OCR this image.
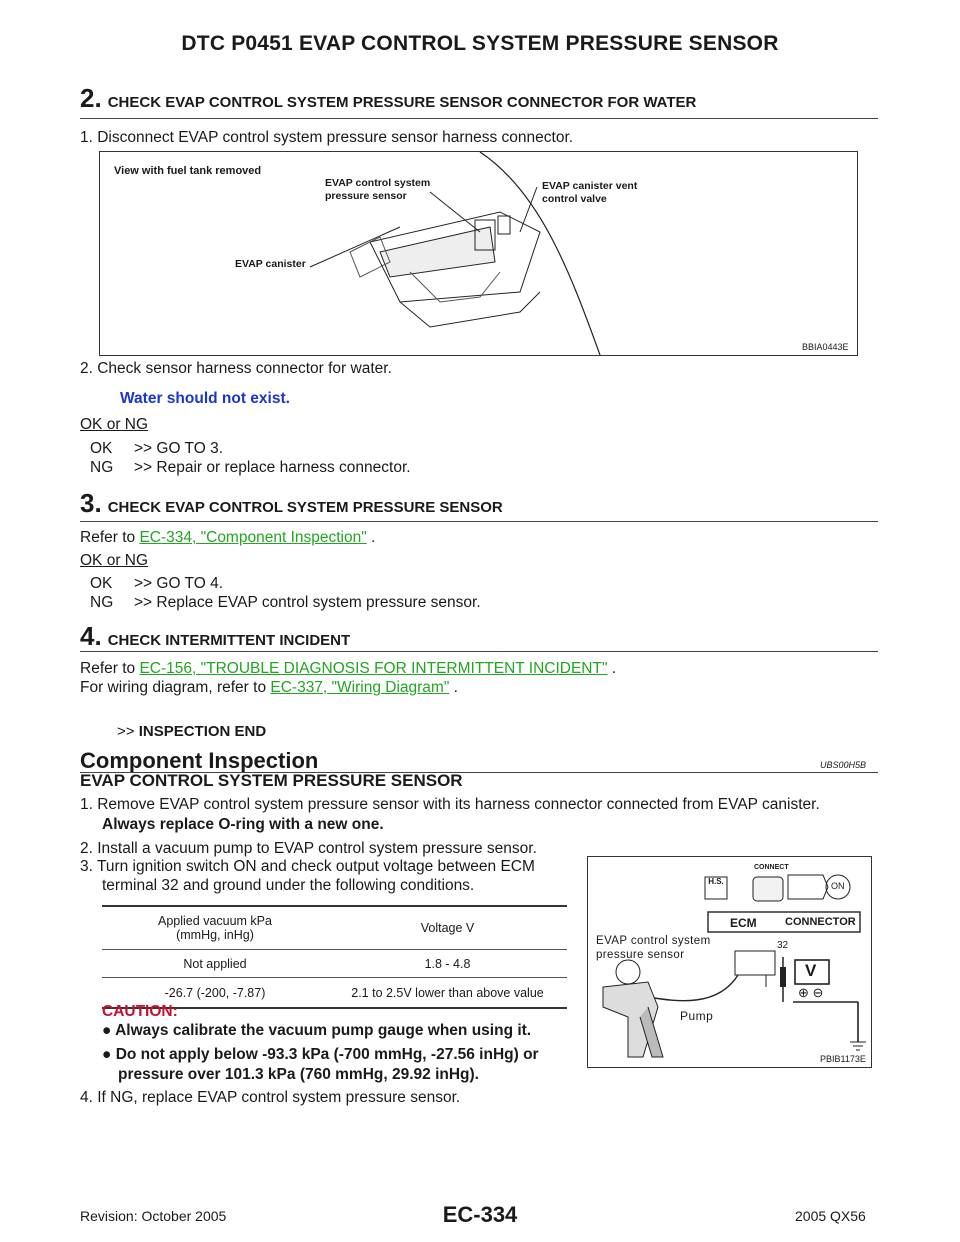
DTC P0451 EVAP CONTROL SYSTEM PRESSURE SENSOR
2. CHECK EVAP CONTROL SYSTEM PRESSURE SENSOR CONNECTOR FOR WATER
1. Disconnect EVAP control system pressure sensor harness connector.
View with fuel tank removed
EVAP control system
pressure sensor
EVAP canister vent
control valve
EVAP canister
BBIA0443E
2. Check sensor harness connector for water.
Water should not exist.
OK or NG
OK >> GO TO 3.
NG >> Repair or replace harness connector.
3. CHECK EVAP CONTROL SYSTEM PRESSURE SENSOR
Refer to EC-334, "Component Inspection" .
OK or NG
OK >> GO TO 4.
NG >> Replace EVAP control system pressure sensor.
4. CHECK INTERMITTENT INCIDENT
Refer to EC-156, "TROUBLE DIAGNOSIS FOR INTERMITTENT INCIDENT" .
For wiring diagram, refer to EC-337, "Wiring Diagram" .
>> INSPECTION END
Component Inspection	UBS00H5B
EVAP CONTROL SYSTEM PRESSURE SENSOR
1. Remove EVAP control system pressure sensor with its harness connector connected from EVAP canister.
Always replace O-ring with a new one.
2. Install a vacuum pump to EVAP control system pressure sensor.
3. Turn ignition switch ON and check output voltage between ECM
terminal 32 and ground under the following conditions.
Applied vacuum kPa
(mmHg, inHg)	Voltage V
Not applied	1.8 - 4.8
-26.7 (-200, -7.87)	2.1 to 2.5V lower than above value
CAUTION:
● Always calibrate the vacuum pump gauge when using it.
● Do not apply below -93.3 kPa (-700 mmHg, -27.56 inHg) or
pressure over 101.3 kPa (760 mmHg, 29.92 inHg).
4. If NG, replace EVAP control system pressure sensor.
H.S.
CONNECT
ON
ECM	CONNECTOR
EVAP control system
pressure sensor
32
V
⊕ ⊖
Pump
PBIB1173E
Revision: October 2005	EC-334	2005 QX56
